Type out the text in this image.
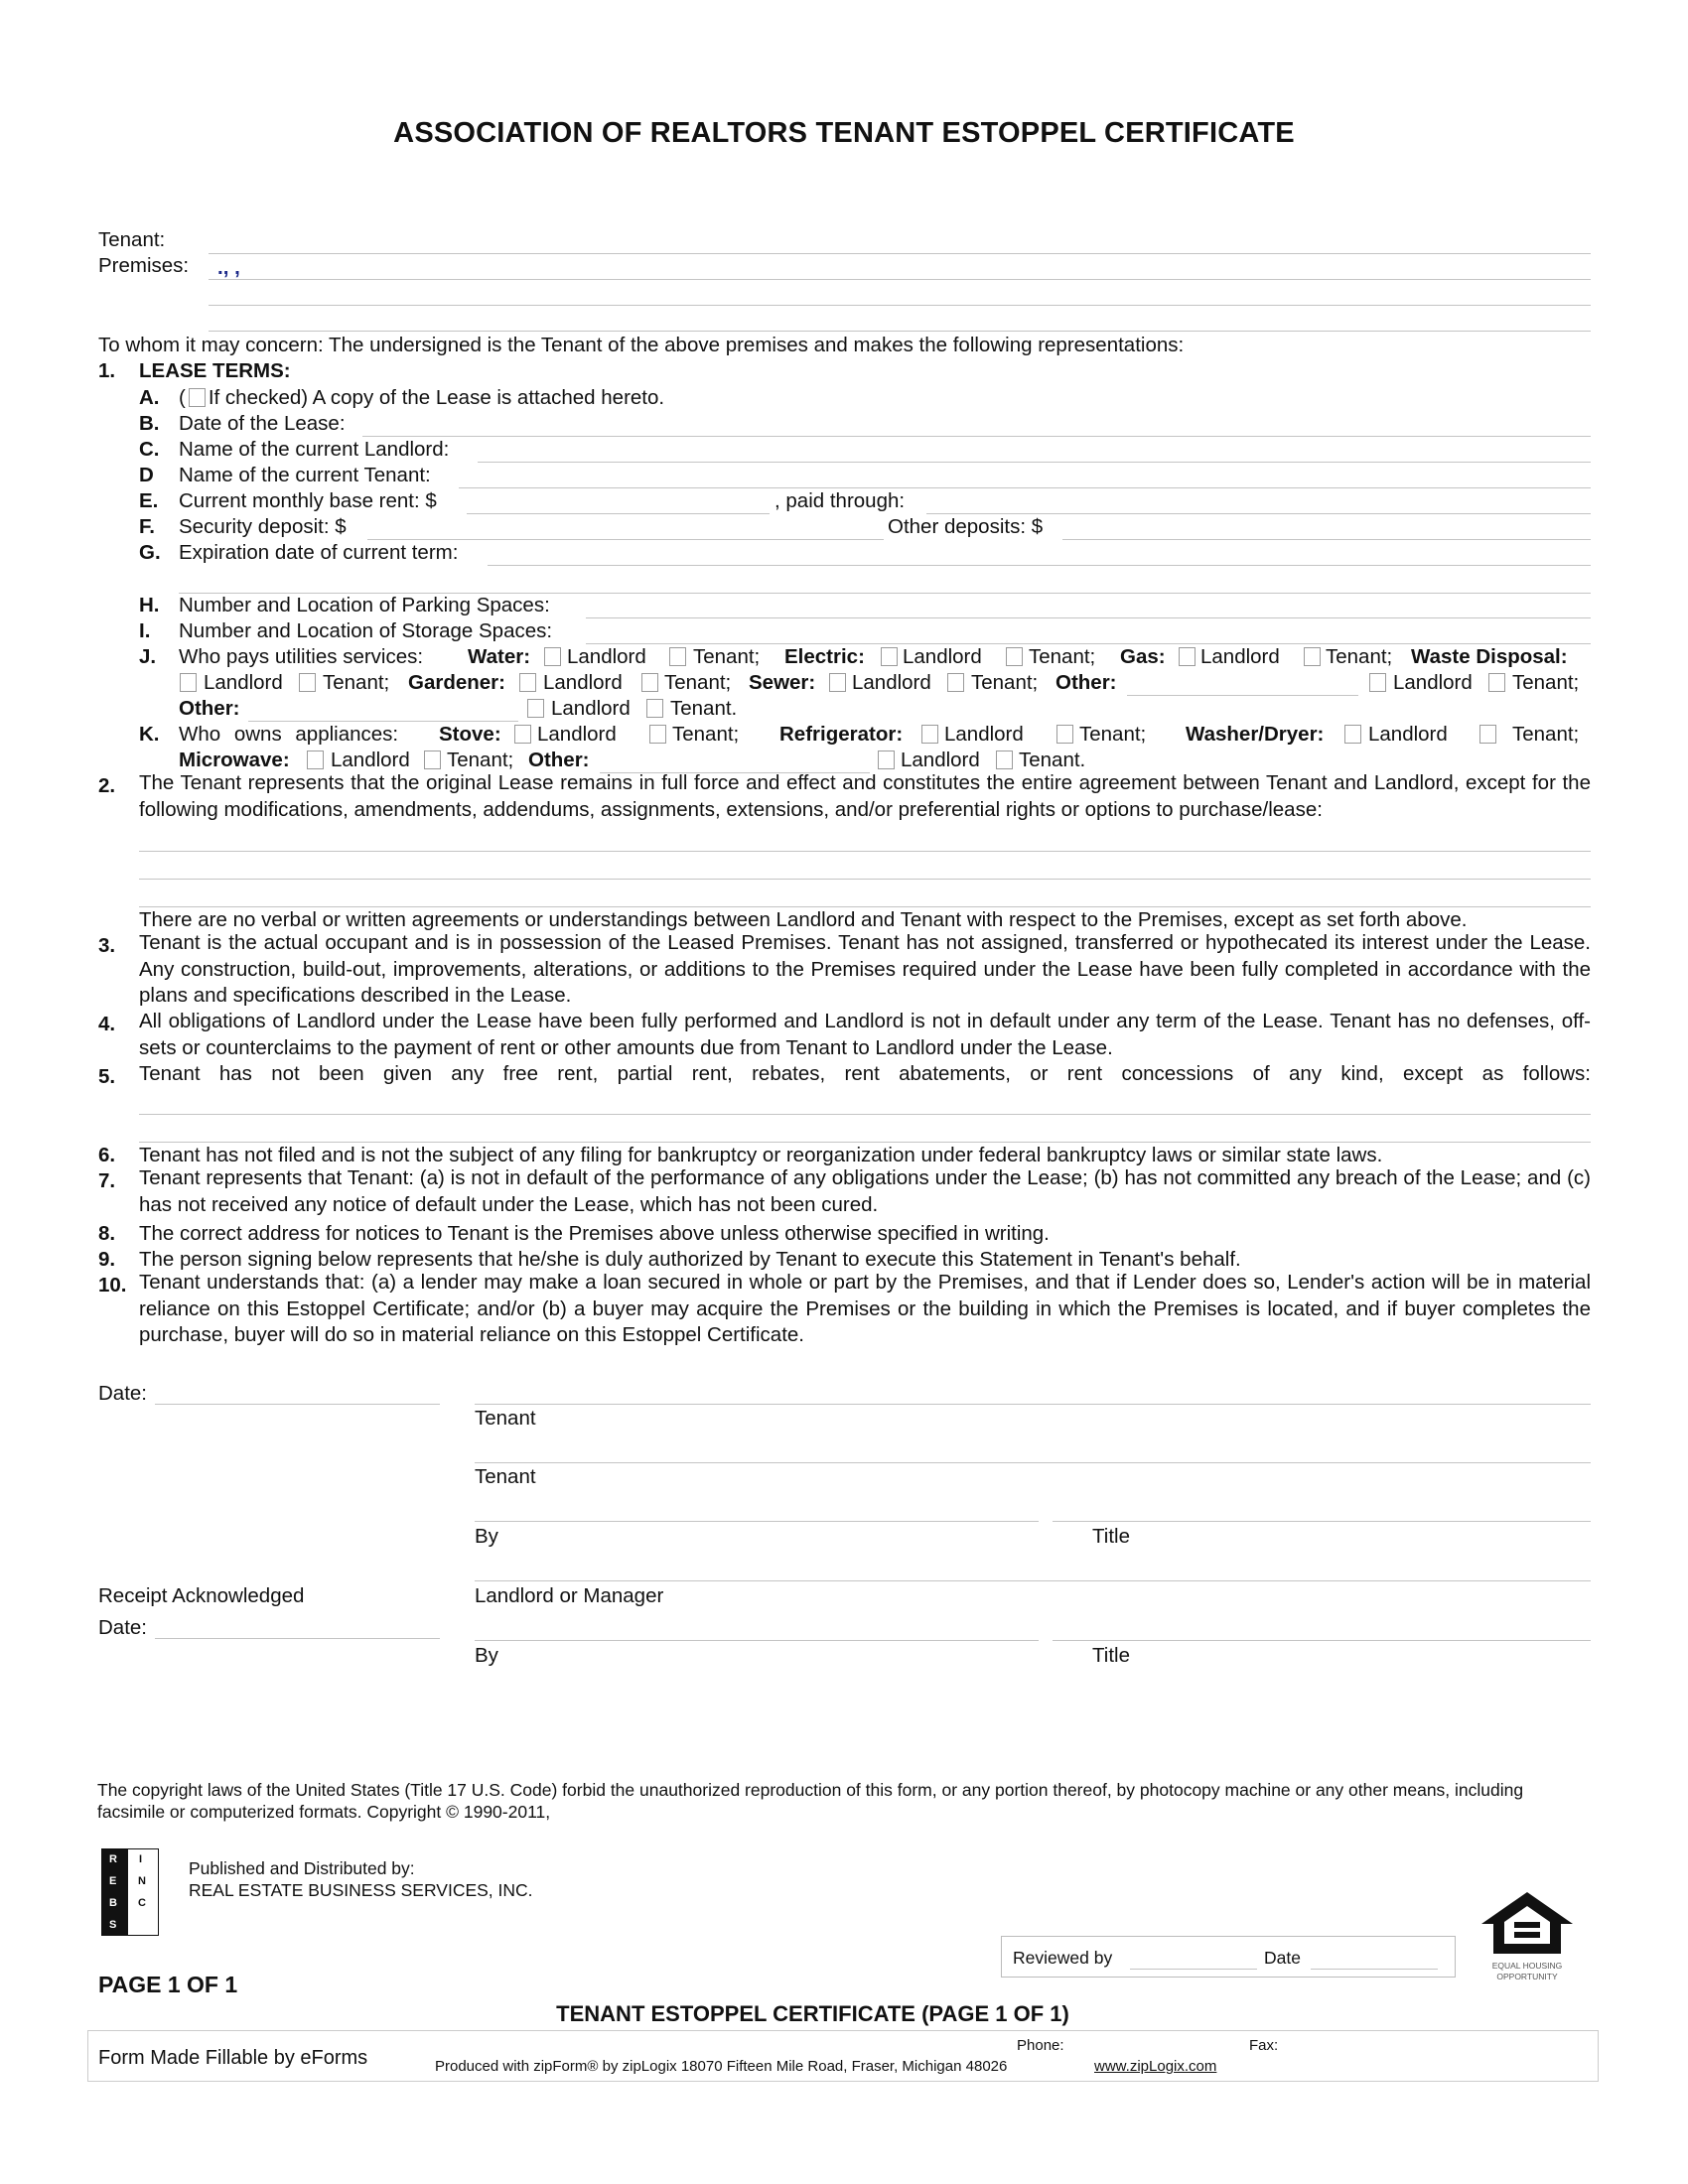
ASSOCIATION OF REALTORS TENANT ESTOPPEL CERTIFICATE
Tenant:
Premises: ., ,
To whom it may concern: The undersigned is the Tenant of the above premises and makes the following representations:
1. LEASE TERMS:
A. ( If checked) A copy of the Lease is attached hereto.
B. Date of the Lease:
C. Name of the current Landlord:
D Name of the current Tenant:
E. Current monthly base rent: $	, paid through:
F. Security deposit: $	Other deposits: $
G. Expiration date of current term:
H. Number and Location of Parking Spaces:
I. Number and Location of Storage Spaces:
J. Who pays utilities services: Water: Landlord Tenant; Electric: Landlord Tenant; Gas: Landlord Tenant; Waste Disposal:
Landlord Tenant; Gardener: Landlord Tenant; Sewer: Landlord Tenant; Other:	Landlord Tenant;
Other:	Landlord Tenant.
K. Who owns appliances: Stove: Landlord	Tenant; Refrigerator: Landlord	Tenant; Washer/Dryer: Landlord	Tenant;
Microwave: Landlord Tenant; Other:	Landlord Tenant.
2. The Tenant represents that the original Lease remains in full force and effect and constitutes the entire agreement between Tenant and Landlord, except for the following modifications, amendments, addendums, assignments, extensions, and/or preferential rights or options to purchase/lease:
There are no verbal or written agreements or understandings between Landlord and Tenant with respect to the Premises, except as set forth above.
3. Tenant is the actual occupant and is in possession of the Leased Premises. Tenant has not assigned, transferred or hypothecated its interest under the Lease. Any construction, build-out, improvements, alterations, or additions to the Premises required under the Lease have been fully completed in accordance with the plans and specifications described in the Lease.
4. All obligations of Landlord under the Lease have been fully performed and Landlord is not in default under any term of the Lease. Tenant has no defenses, off-sets or counterclaims to the payment of rent or other amounts due from Tenant to Landlord under the Lease.
5. Tenant has not been given any free rent, partial rent, rebates, rent abatements, or rent concessions of any kind, except as follows:
6. Tenant has not filed and is not the subject of any filing for bankruptcy or reorganization under federal bankruptcy laws or similar state laws.
7. Tenant represents that Tenant: (a) is not in default of the performance of any obligations under the Lease; (b) has not committed any breach of the Lease; and (c) has not received any notice of default under the Lease, which has not been cured.
8. The correct address for notices to Tenant is the Premises above unless otherwise specified in writing.
9. The person signing below represents that he/she is duly authorized by Tenant to execute this Statement in Tenant's behalf.
10. Tenant understands that: (a) a lender may make a loan secured in whole or part by the Premises, and that if Lender does so, Lender's action will be in material reliance on this Estoppel Certificate; and/or (b) a buyer may acquire the Premises or the building in which the Premises is located, and if buyer completes the purchase, buyer will do so in material reliance on this Estoppel Certificate.
Date:
Tenant
Tenant
By	Title
Receipt Acknowledged	Landlord or Manager
Date:
By	Title
The copyright laws of the United States (Title 17 U.S. Code) forbid the unauthorized reproduction of this form, or any portion thereof, by photocopy machine or any other means, including facsimile or computerized formats. Copyright © 1990-2011,
R I
E N
B C
S
Published and Distributed by:
REAL ESTATE BUSINESS SERVICES, INC.
Reviewed by	Date	EQUAL HOUSING
OPPORTUNITY
PAGE 1 OF 1
TENANT ESTOPPEL CERTIFICATE (PAGE 1 OF 1)
Form Made Fillable by eForms
Phone:	Fax:
Produced with zipForm® by zipLogix 18070 Fifteen Mile Road, Fraser, Michigan 48026	www.zipLogix.com
